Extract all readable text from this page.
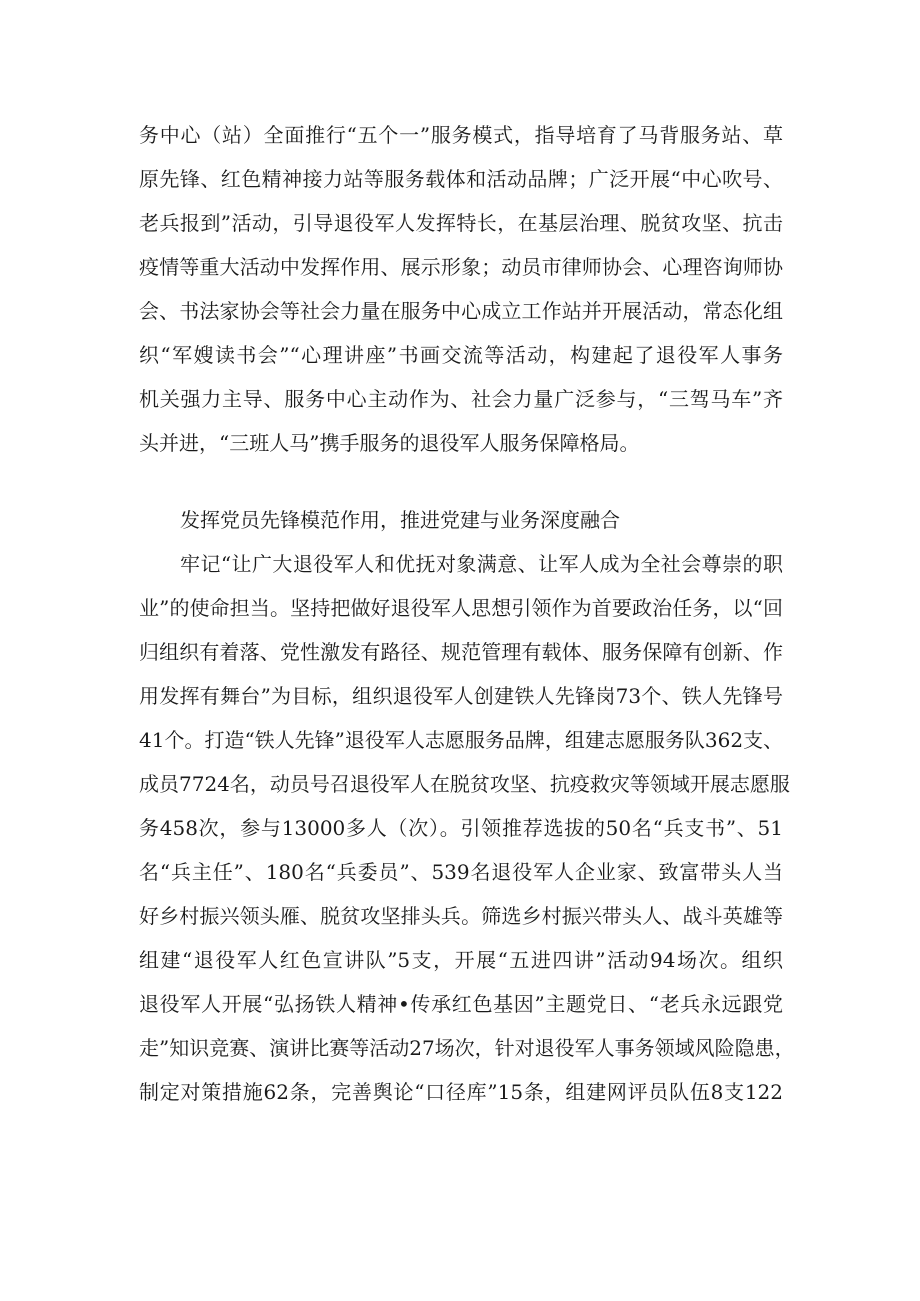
务中心（站）全面推行“五个一”服务模式，指导培育了马背服务站、草
原先锋、红色精神接力站等服务载体和活动品牌；广泛开展“中心吹号、
老兵报到”活动，引导退役军人发挥特长，在基层治理、脱贫攻坚、抗击
疫情等重大活动中发挥作用、展示形象；动员市律师协会、心理咨询师协
会、书法家协会等社会力量在服务中心成立工作站并开展活动，常态化组
织“军嫂读书会”“心理讲座”书画交流等活动，构建起了退役军人事务
机关强力主导、服务中心主动作为、社会力量广泛参与，“三驾马车”齐
头并进，“三班人马”携手服务的退役军人服务保障格局。
发挥党员先锋模范作用，推进党建与业务深度融合
牢记“让广大退役军人和优抚对象满意、让军人成为全社会尊崇的职
业”的使命担当。坚持把做好退役军人思想引领作为首要政治任务，以“回
归组织有着落、党性激发有路径、规范管理有载体、服务保障有创新、作
用发挥有舞台”为目标，组织退役军人创建铁人先锋岗73个、铁人先锋号
41个。打造“铁人先锋”退役军人志愿服务品牌，组建志愿服务队362支、
成员7724名，动员号召退役军人在脱贫攻坚、抗疫救灾等领域开展志愿服
务458次，参与13000多人（次）。引领推荐选拔的50名“兵支书”、51
名“兵主任”、180名“兵委员”、539名退役军人企业家、致富带头人当
好乡村振兴领头雁、脱贫攻坚排头兵。筛选乡村振兴带头人、战斗英雄等
组建“退役军人红色宣讲队”5支，开展“五进四讲”活动94场次。组织
退役军人开展“弘扬铁人精神•传承红色基因”主题党日、“老兵永远跟党
走”知识竞赛、演讲比赛等活动27场次，针对退役军人事务领域风险隐患，
制定对策措施62条，完善舆论“口径库”15条，组建网评员队伍8支122
